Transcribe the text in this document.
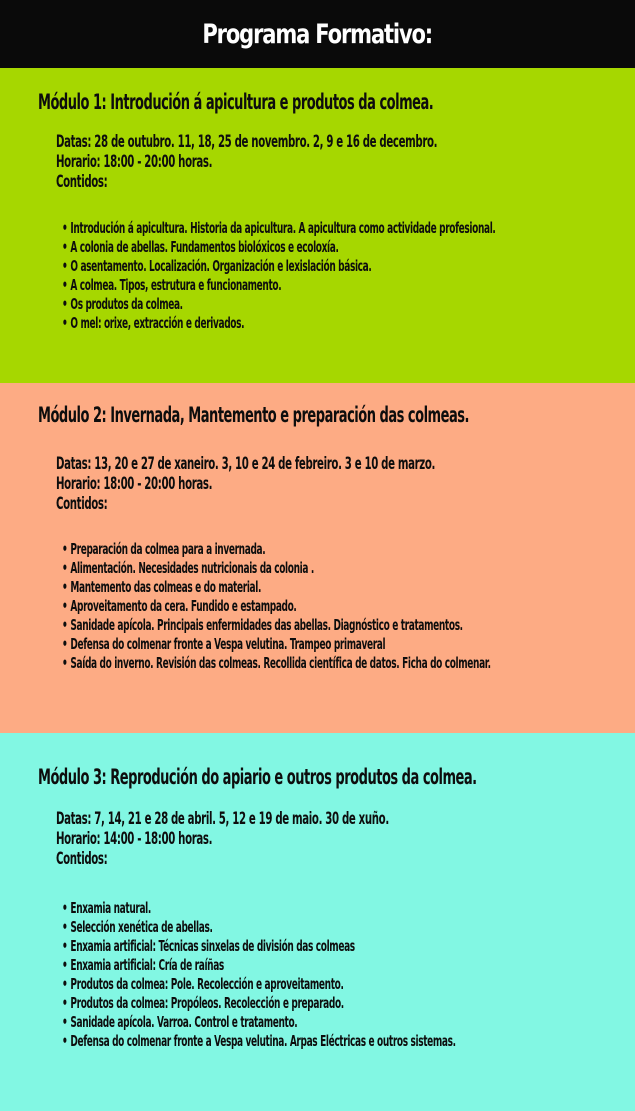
Programa Formativo:
Módulo 1: Introdución á apicultura e produtos da colmea.
Datas: 28 de outubro. 11, 18, 25 de novembro. 2, 9 e 16 de decembro.
Horario: 18:00 - 20:00 horas.
Contidos:
• Introdución á apicultura. Historia da apicultura. A apicultura como actividade profesional.
• A colonia de abellas. Fundamentos biolóxicos e ecoloxía.
• O asentamento. Localización. Organización e lexislación básica.
• A colmea. Tipos, estrutura e funcionamento.
• Os produtos da colmea.
• O mel: orixe, extracción e derivados.
Módulo 2: Invernada, Mantemento e preparación das colmeas.
Datas: 13, 20 e 27 de xaneiro. 3, 10 e 24 de febreiro. 3 e 10 de marzo.
Horario: 18:00 - 20:00 horas.
Contidos:
• Preparación da colmea para a invernada.
• Alimentación. Necesidades nutricionais da colonia .
• Mantemento das colmeas e do material.
• Aproveitamento da cera. Fundido e estampado.
• Sanidade apícola. Principais enfermidades das abellas. Diagnóstico e tratamentos.
• Defensa do colmenar fronte a Vespa velutina. Trampeo primaveral
• Saída do inverno. Revisión das colmeas. Recollida científica de datos. Ficha do colmenar.
Módulo 3: Reprodución do apiario e outros produtos da colmea.
Datas: 7, 14, 21 e 28 de abril. 5, 12 e 19 de maio. 30 de xuño.
Horario: 14:00 - 18:00 horas.
Contidos:
• Enxamia natural.
• Selección xenética de abellas.
• Enxamia artificial: Técnicas sinxelas de división das colmeas
• Enxamia artificial: Cría de raíñas
• Produtos da colmea: Pole. Recolección e aproveitamento.
• Produtos da colmea: Propóleos. Recolección e preparado.
• Sanidade apícola. Varroa. Control e tratamento.
• Defensa do colmenar fronte a Vespa velutina. Arpas Eléctricas e outros sistemas.
